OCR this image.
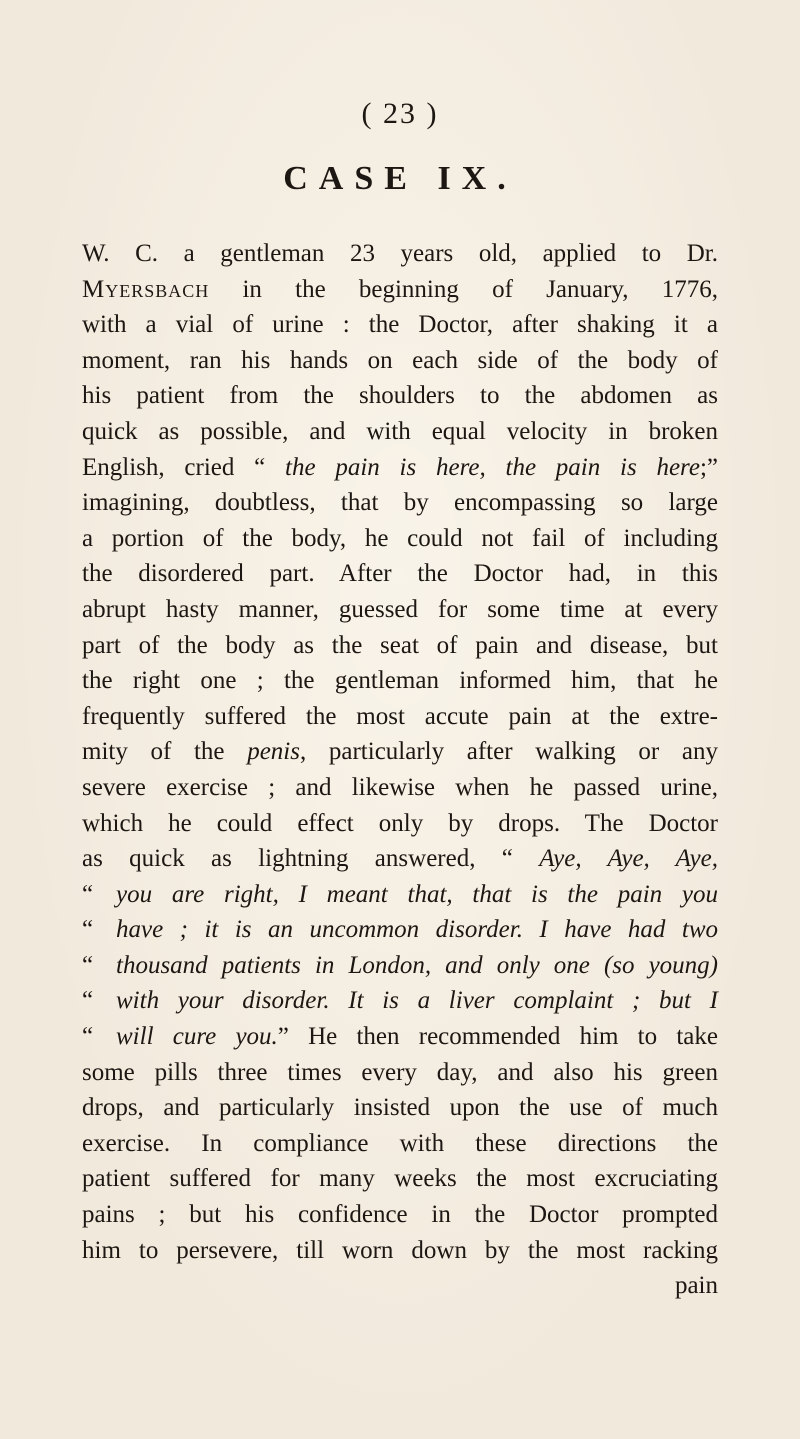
( 23 )
CASE IX.
W. C. a gentleman 23 years old, applied to Dr.
Myersbach in the beginning of January, 1776,
with a vial of urine : the Doctor, after shaking it a
moment, ran his hands on each side of the body of
his patient from the shoulders to the abdomen as
quick as possible, and with equal velocity in broken
English, cried “ the pain is here, the pain is here;”
imagining, doubtless, that by encompassing so large
a portion of the body, he could not fail of including
the disordered part. After the Doctor had, in this
abrupt hasty manner, guessed for some time at every
part of the body as the seat of pain and disease, but
the right one ; the gentleman informed him, that he
frequently suffered the most accute pain at the extre-
mity of the penis, particularly after walking or any
severe exercise ; and likewise when he passed urine,
which he could effect only by drops. The Doctor
as quick as lightning answered, “ Aye, Aye, Aye,
“ you are right, I meant that, that is the pain you
“ have ; it is an uncommon disorder. I have had two
“ thousand patients in London, and only one (so young)
“ with your disorder. It is a liver complaint ; but I
“ will cure you.” He then recommended him to take
some pills three times every day, and also his green
drops, and particularly insisted upon the use of much
exercise. In compliance with these directions the
patient suffered for many weeks the most excruciating
pains ; but his confidence in the Doctor prompted
him to persevere, till worn down by the most racking
pain
